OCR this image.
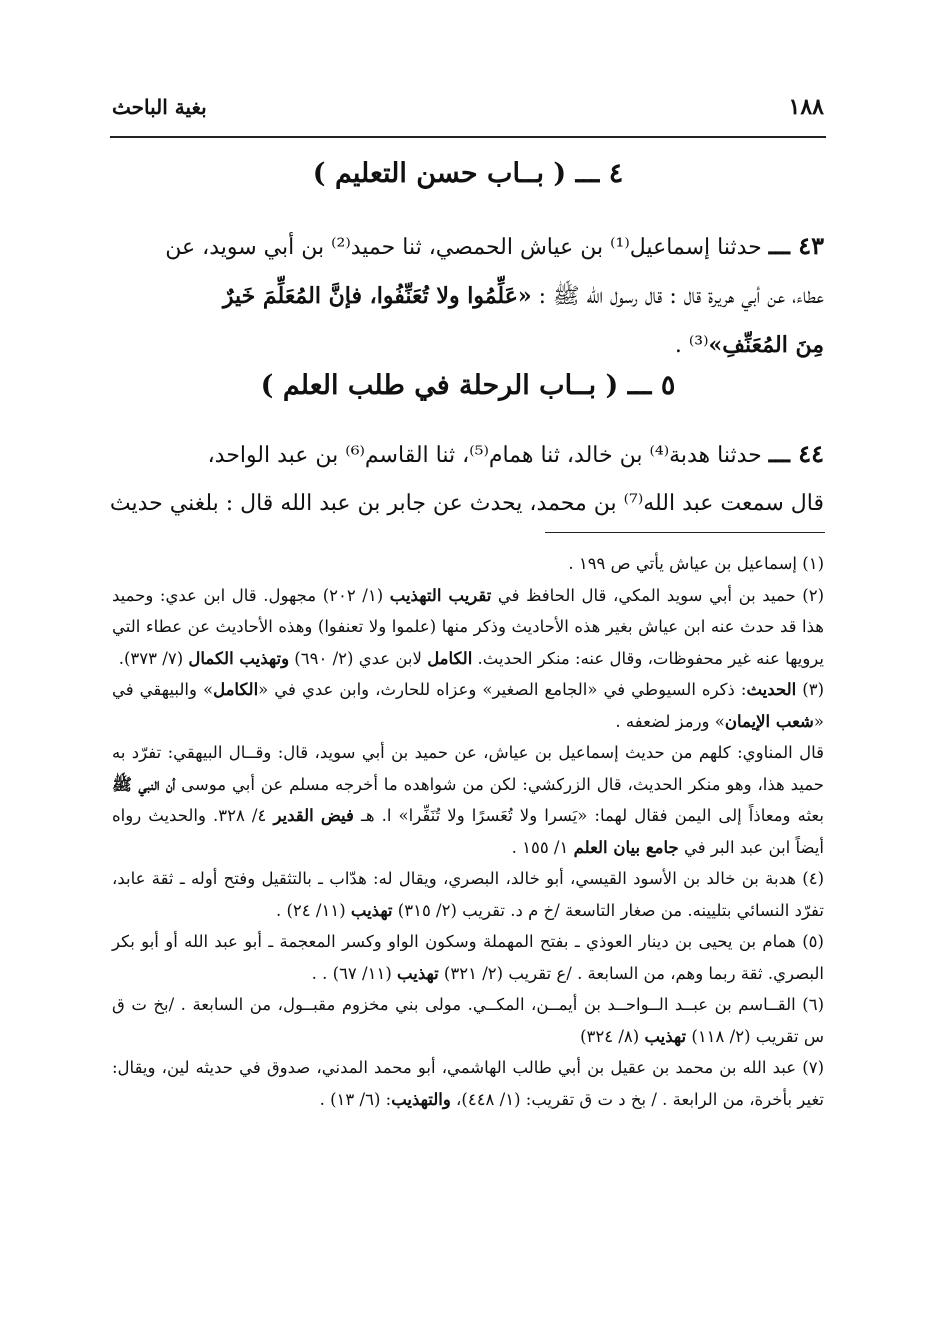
١٨٨
بغية الباحث
٤ ـــ ( بــاب حسن التعليم )
٤٣ ـــ حدثنا إسماعيل⁽¹⁾ بن عياش الحمصي، ثنا حميد⁽²⁾ بن أبي سويد، عن
عطاء، عن أبي هريرة قال : قال رسول الله ﷺ : «عَلِّمُوا ولا تُعَنِّفُوا، فإنَّ المُعَلِّمَ خَيرٌ
مِنَ المُعَنِّفِ»⁽³⁾ .
٥ ـــ ( بــاب الرحلة في طلب العلم )
٤٤ ـــ حدثنا هدبة⁽⁴⁾ بن خالد، ثنا همام⁽⁵⁾، ثنا القاسم⁽⁶⁾ بن عبد الواحد،
قال سمعت عبد الله⁽⁷⁾ بن محمد، يحدث عن جابر بن عبد الله قال : بلغني حديث

(١) إسماعيل بن عياش يأتي ص ١٩٩ .

(٢) حميد بن أبي سويد المكي، قال الحافظ في تقريب التهذيب (١/ ٢٠٢) مجهول. قال ابن عدي: وحميد هذا قد حدث عنه ابن عياش بغير هذه الأحاديث وذكر منها (علموا ولا تعنفوا) وهذه الأحاديث عن عطاء التي يرويها عنه غير محفوظات، وقال عنه: منكر الحديث. الكامل لابن عدي (٢/ ٦٩٠) وتهذيب الكمال (٧/ ٣٧٣).

(٣) الحديث: ذكره السيوطي في «الجامع الصغير» وعزاه للحارث، وابن عدي في «الكامل» والبيهقي في «شعب الإيمان» ورمز لضعفه .

قال المناوي: كلهم من حديث إسماعيل بن عياش، عن حميد بن أبي سويد، قال: وقــال البيهقي: تفرّد به حميد هذا، وهو منكر الحديث، قال الزركشي: لكن من شواهده ما أخرجه مسلم عن أبي موسى أن النبي ﷺ بعثه ومعاذاً إلى اليمن فقال لهما: «يَسرا ولا تُعَسرًا ولا تُنَفِّرا» ا. هـ فيض القدير ٤/ ٣٢٨. والحديث رواه أيضاً ابن عبد البر في جامع بيان العلم ١/ ١٥٥ .

(٤) هدبة بن خالد بن الأسود القيسي، أبو خالد، البصري، ويقال له: هدّاب ـ بالتثقيل وفتح أوله ـ ثقة عابد، تفرّد النسائي بتليينه. من صغار التاسعة /خ م د. تقريب (٢/ ٣١٥) تهذيب (١١/ ٢٤) .

(٥) همام بن يحيى بن دينار العوذي ـ بفتح المهملة وسكون الواو وكسر المعجمة ـ أبو عبد الله أو أبو بكر البصري. ثقة ربما وهم، من السابعة . /ع تقريب (٢/ ٣٢١) تهذيب (١١/ ٦٧) . .

(٦) القــاسم بن عبــد الــواحــد بن أيمــن، المكــي. مولى بني مخزوم مقبــول، من السابعة . /بخ ت ق س تقريب (٢/ ١١٨) تهذيب (٨/ ٣٢٤)

(٧) عبد الله بن محمد بن عقيل بن أبي طالب الهاشمي، أبو محمد المدني، صدوق في حديثه لين، ويقال: تغير بأخرة، من الرابعة . / بخ د ت ق تقريب: (١/ ٤٤٨)، والتهذيب: (٦/ ١٣) .
